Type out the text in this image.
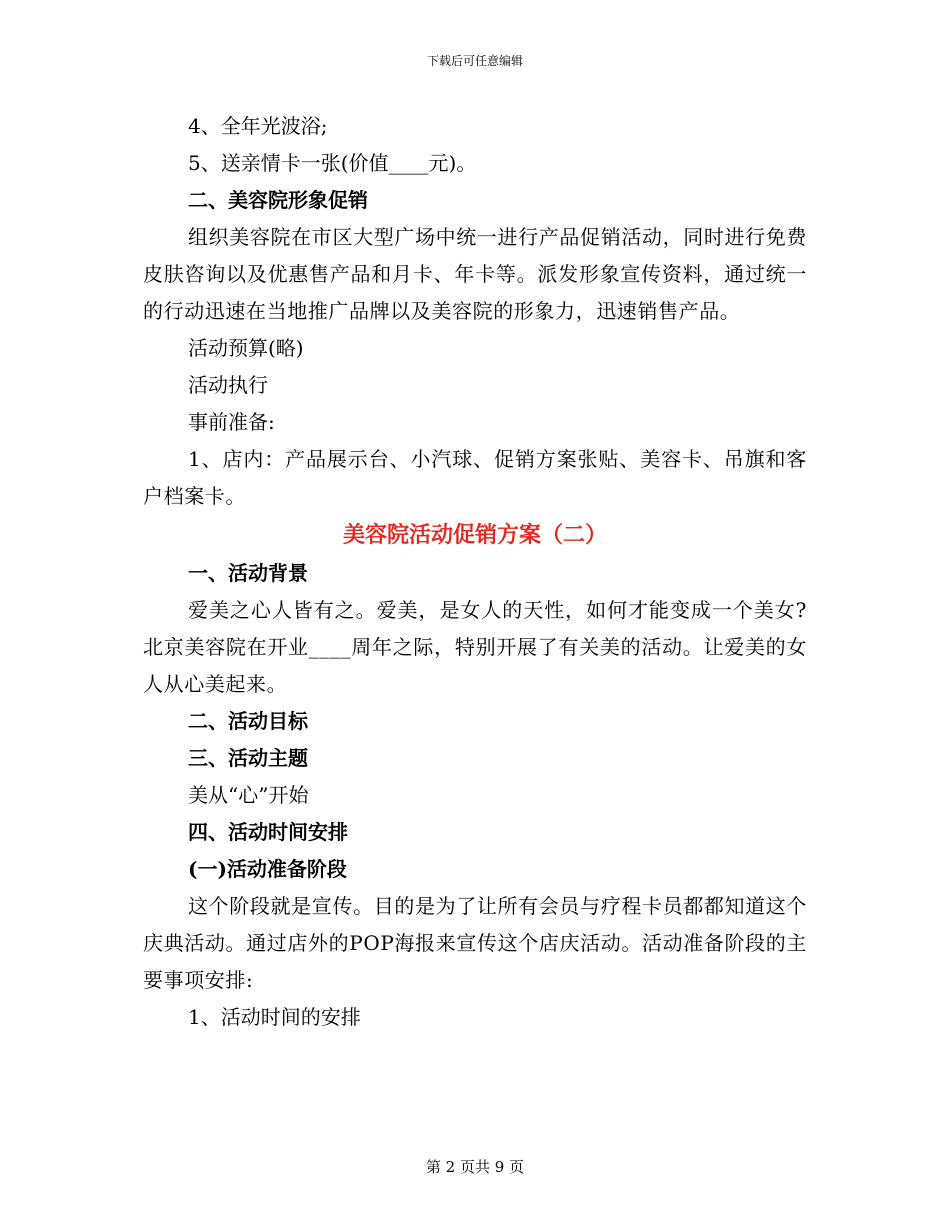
下载后可任意编辑
4、全年光波浴;
5、送亲情卡一张(价值____元)。
二、美容院形象促销
组织美容院在市区大型广场中统一进行产品促销活动，同时进行免费皮肤咨询以及优惠售产品和月卡、年卡等。派发形象宣传资料，通过统一的行动迅速在当地推广品牌以及美容院的形象力，迅速销售产品。
活动预算(略)
活动执行
事前准备:
1、店内：产品展示台、小汽球、促销方案张贴、美容卡、吊旗和客户档案卡。
美容院活动促销方案（二）
一、活动背景
爱美之心人皆有之。爱美，是女人的天性，如何才能变成一个美女?北京美容院在开业____周年之际，特别开展了有关美的活动。让爱美的女人从心美起来。
二、活动目标
三、活动主题
美从“心”开始
四、活动时间安排
(一)活动准备阶段
这个阶段就是宣传。目的是为了让所有会员与疗程卡员都都知道这个庆典活动。通过店外的POP海报来宣传这个店庆活动。活动准备阶段的主要事项安排:
1、活动时间的安排
第 2 页共 9 页
